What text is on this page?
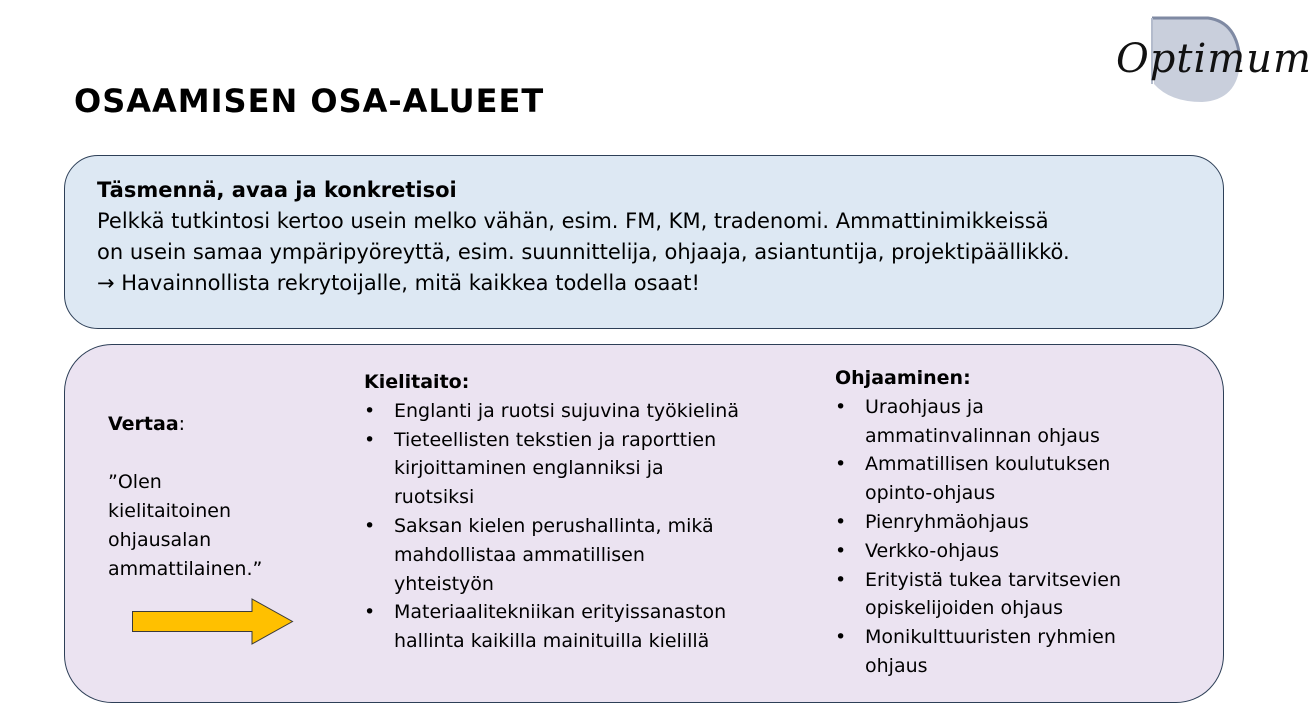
Optimum
OSAAMISEN OSA-ALUEET
Täsmennä, avaa ja konkretisoi
Pelkkä tutkintosi kertoo usein melko vähän, esim. FM, KM, tradenomi. Ammattinimikkeissä
on usein samaa ympäripyöreyttä, esim. suunnittelija, ohjaaja, asiantuntija, projektipäällikkö.
→ Havainnollista rekrytoijalle, mitä kaikkea todella osaat!
Vertaa:
”Olen
kielitaitoinen
ohjausalan
ammattilainen.”
Kielitaito:
• Englanti ja ruotsi sujuvina työkielinä
• Tieteellisten tekstien ja raporttien
kirjoittaminen englanniksi ja
ruotsiksi
• Saksan kielen perushallinta, mikä
mahdollistaa ammatillisen
yhteistyön
• Materiaalitekniikan erityissanaston
hallinta kaikilla mainituilla kielillä
Ohjaaminen:
• Uraohjaus ja
ammatinvalinnan ohjaus
• Ammatillisen koulutuksen
opinto-ohjaus
• Pienryhmäohjaus
• Verkko-ohjaus
• Erityistä tukea tarvitsevien
opiskelijoiden ohjaus
• Monikulttuuristen ryhmien
ohjaus
